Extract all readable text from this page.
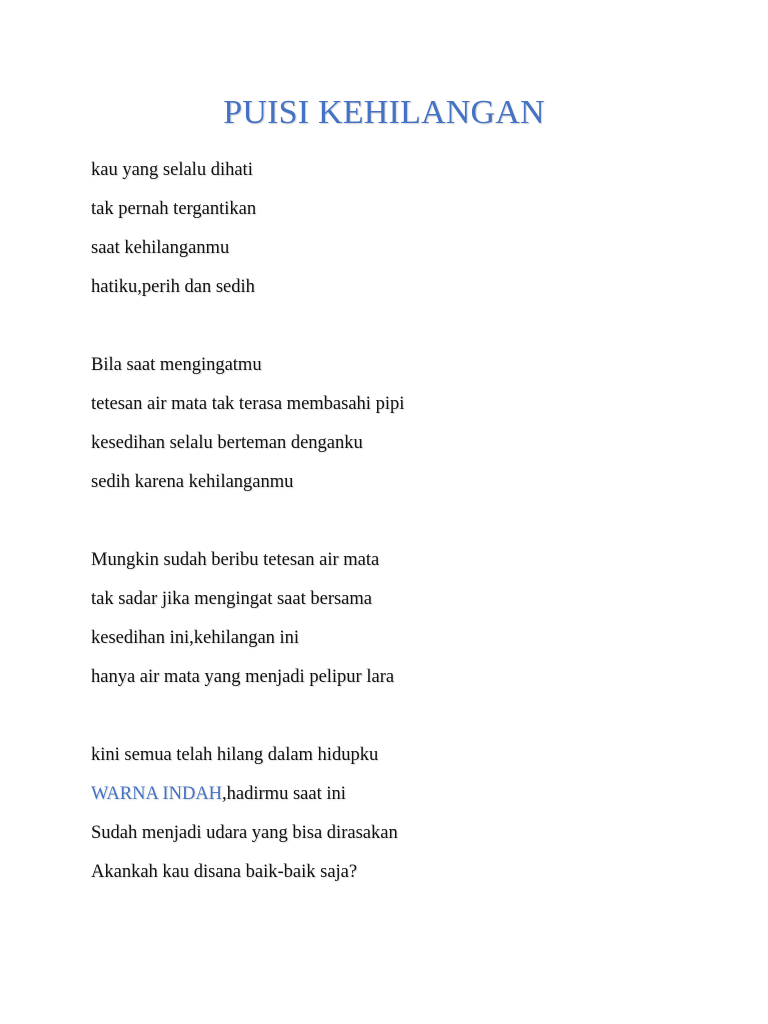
PUISI KEHILANGAN
kau yang selalu dihati
tak pernah tergantikan
saat kehilanganmu
hatiku,perih dan sedih
Bila saat mengingatmu
tetesan air mata tak terasa membasahi pipi
kesedihan selalu berteman denganku
sedih karena kehilanganmu
Mungkin sudah beribu tetesan air mata
tak sadar jika mengingat saat bersama
kesedihan ini,kehilangan ini
hanya air mata yang menjadi pelipur lara
kini semua telah hilang dalam hidupku
WARNA INDAH,hadirmu saat ini
Sudah menjadi udara yang bisa dirasakan
Akankah kau disana baik-baik saja?
